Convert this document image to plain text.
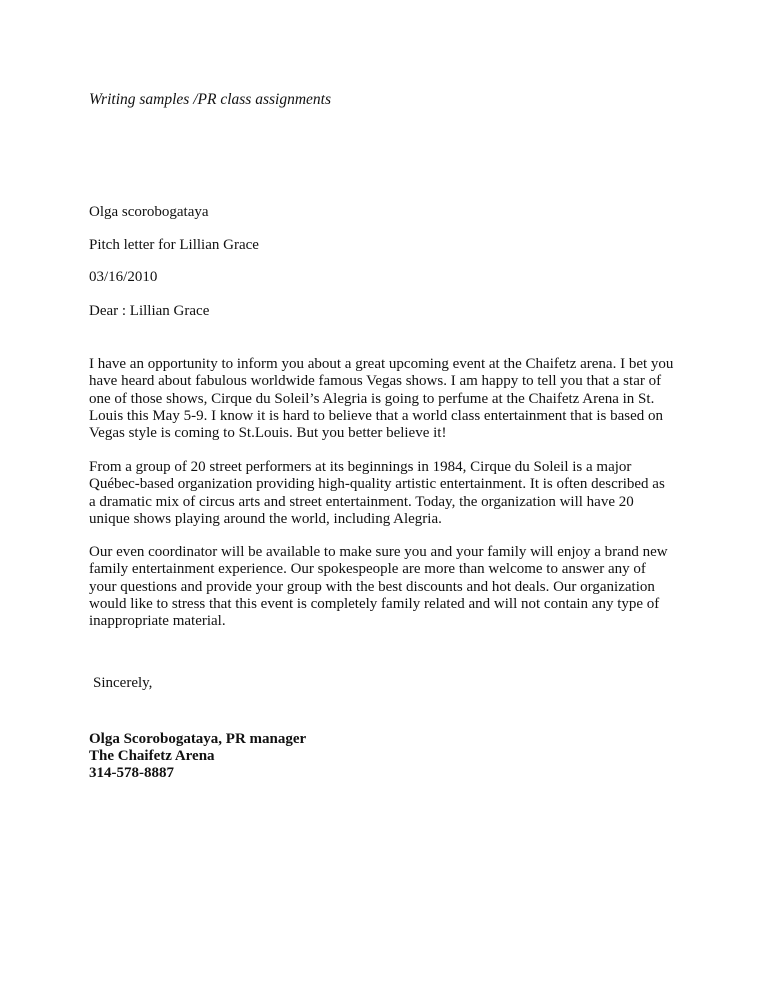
Writing samples /PR class assignments
Olga scorobogataya
Pitch letter for Lillian Grace
03/16/2010
Dear : Lillian Grace
I have an opportunity to inform you about a great upcoming event at the Chaifetz arena. I bet you
have heard about fabulous worldwide famous Vegas shows. I am happy to tell you that a star of
one of those shows, Cirque du Soleil’s Alegria is going to perfume at the Chaifetz Arena in St.
Louis this May 5-9. I know it is hard to believe that a world class entertainment that is based on
Vegas style is coming to St.Louis. But you better believe it!
From a group of 20 street performers at its beginnings in 1984, Cirque du Soleil is a major
Québec-based organization providing high-quality artistic entertainment. It is often described as
a dramatic mix of circus arts and street entertainment. Today, the organization will have 20
unique shows playing around the world, including Alegria.
Our even coordinator will be available to make sure you and your family will enjoy a brand new
family entertainment experience. Our spokespeople are more than welcome to answer any of
your questions and provide your group with the best discounts and hot deals. Our organization
would like to stress that this event is completely family related and will not contain any type of
inappropriate material.
Sincerely,
Olga Scorobogataya, PR manager
The Chaifetz Arena
314-578-8887
